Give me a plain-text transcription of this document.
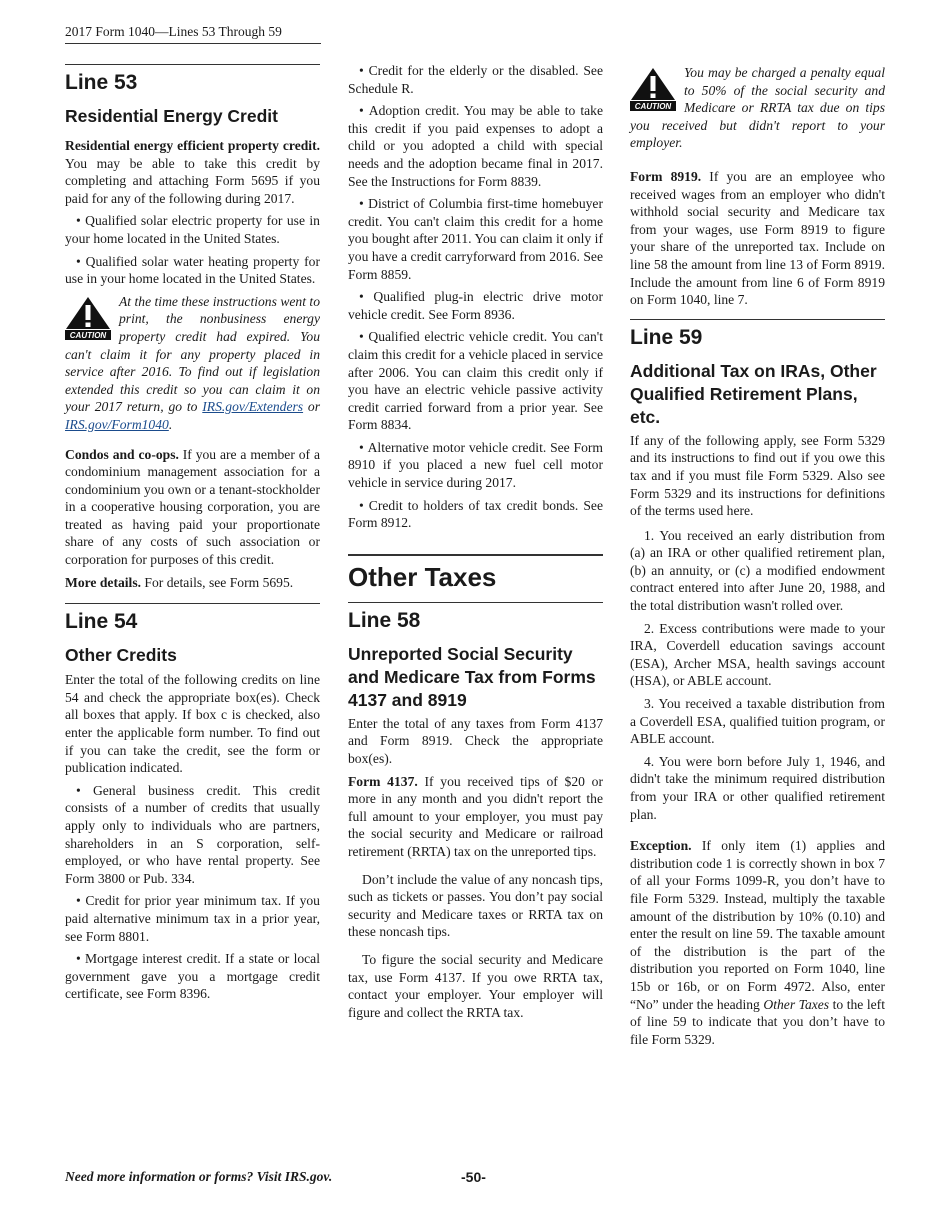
2017 Form 1040—Lines 53 Through 59
Line 53
Residential Energy Credit

Residential energy efficient property credit. You may be able to take this credit by completing and attaching Form 5695 if you paid for any of the following during 2017.

• Qualified solar electric property for use in your home located in the United States.

• Qualified solar water heating property for use in your home located in the United States.

CAUTION
At the time these instructions went to print, the nonbusiness energy property credit had expired. You can't claim it for any property placed in service after 2016. To find out if legislation extended this credit so you can claim it on your 2017 return, go to IRS.gov/Extenders or IRS.gov/Form1040.

Condos and co-ops. If you are a member of a condominium management association for a condominium you own or a tenant-stockholder in a cooperative housing corporation, you are treated as having paid your proportionate share of any costs of such association or corporation for purposes of this credit.

More details. For details, see Form 5695.

Line 54
Other Credits

Enter the total of the following credits on line 54 and check the appropriate box(es). Check all boxes that apply. If box c is checked, also enter the applicable form number. To find out if you can take the credit, see the form or publication indicated.

• General business credit. This credit consists of a number of credits that usually apply only to individuals who are partners, shareholders in an S corporation, self-employed, or who have rental property. See Form 3800 or Pub. 334.

• Credit for prior year minimum tax. If you paid alternative minimum tax in a prior year, see Form 8801.

• Mortgage interest credit. If a state or local government gave you a mortgage credit certificate, see Form 8396.

• Credit for the elderly or the disabled. See Schedule R.

• Adoption credit. You may be able to take this credit if you paid expenses to adopt a child or you adopted a child with special needs and the adoption became final in 2017. See the Instructions for Form 8839.

• District of Columbia first-time homebuyer credit. You can't claim this credit for a home you bought after 2011. You can claim it only if you have a credit carryforward from 2016. See Form 8859.

• Qualified plug-in electric drive motor vehicle credit. See Form 8936.

• Qualified electric vehicle credit. You can't claim this credit for a vehicle placed in service after 2006. You can claim this credit only if you have an electric vehicle passive activity credit carried forward from a prior year. See Form 8834.

• Alternative motor vehicle credit. See Form 8910 if you placed a new fuel cell motor vehicle in service during 2017.

• Credit to holders of tax credit bonds. See Form 8912.

Other Taxes
Line 58
Unreported Social Security and Medicare Tax from Forms 4137 and 8919

Enter the total of any taxes from Form 4137 and Form 8919. Check the appropriate box(es).

Form 4137. If you received tips of $20 or more in any month and you didn't report the full amount to your employer, you must pay the social security and Medicare or railroad retirement (RRTA) tax on the unreported tips.

Don’t include the value of any noncash tips, such as tickets or passes. You don’t pay social security and Medicare taxes or RRTA tax on these noncash tips.

To figure the social security and Medicare tax, use Form 4137. If you owe RRTA tax, contact your employer. Your employer will figure and collect the RRTA tax.

CAUTION
You may be charged a penalty equal to 50% of the social security and Medicare or RRTA tax due on tips you received but didn't report to your employer.

Form 8919. If you are an employee who received wages from an employer who didn't withhold social security and Medicare tax from your wages, use Form 8919 to figure your share of the unreported tax. Include on line 58 the amount from line 13 of Form 8919. Include the amount from line 6 of Form 8919 on Form 1040, line 7.

Line 59
Additional Tax on IRAs, Other Qualified Retirement Plans, etc.

If any of the following apply, see Form 5329 and its instructions to find out if you owe this tax and if you must file Form 5329. Also see Form 5329 and its instructions for definitions of the terms used here.

1. You received an early distribution from (a) an IRA or other qualified retirement plan, (b) an annuity, or (c) a modified endowment contract entered into after June 20, 1988, and the total distribution wasn't rolled over.

2. Excess contributions were made to your IRA, Coverdell education savings account (ESA), Archer MSA, health savings account (HSA), or ABLE account.

3. You received a taxable distribution from a Coverdell ESA, qualified tuition program, or ABLE account.

4. You were born before July 1, 1946, and didn't take the minimum required distribution from your IRA or other qualified retirement plan.

Exception. If only item (1) applies and distribution code 1 is correctly shown in box 7 of all your Forms 1099-R, you don’t have to file Form 5329. Instead, multiply the taxable amount of the distribution by 10% (0.10) and enter the result on line 59. The taxable amount of the distribution is the part of the distribution you reported on Form 1040, line 15b or 16b, or on Form 4972. Also, enter “No” under the heading Other Taxes to the left of line 59 to indicate that you don’t have to file Form 5329.

Need more information or forms? Visit IRS.gov.	-50-
